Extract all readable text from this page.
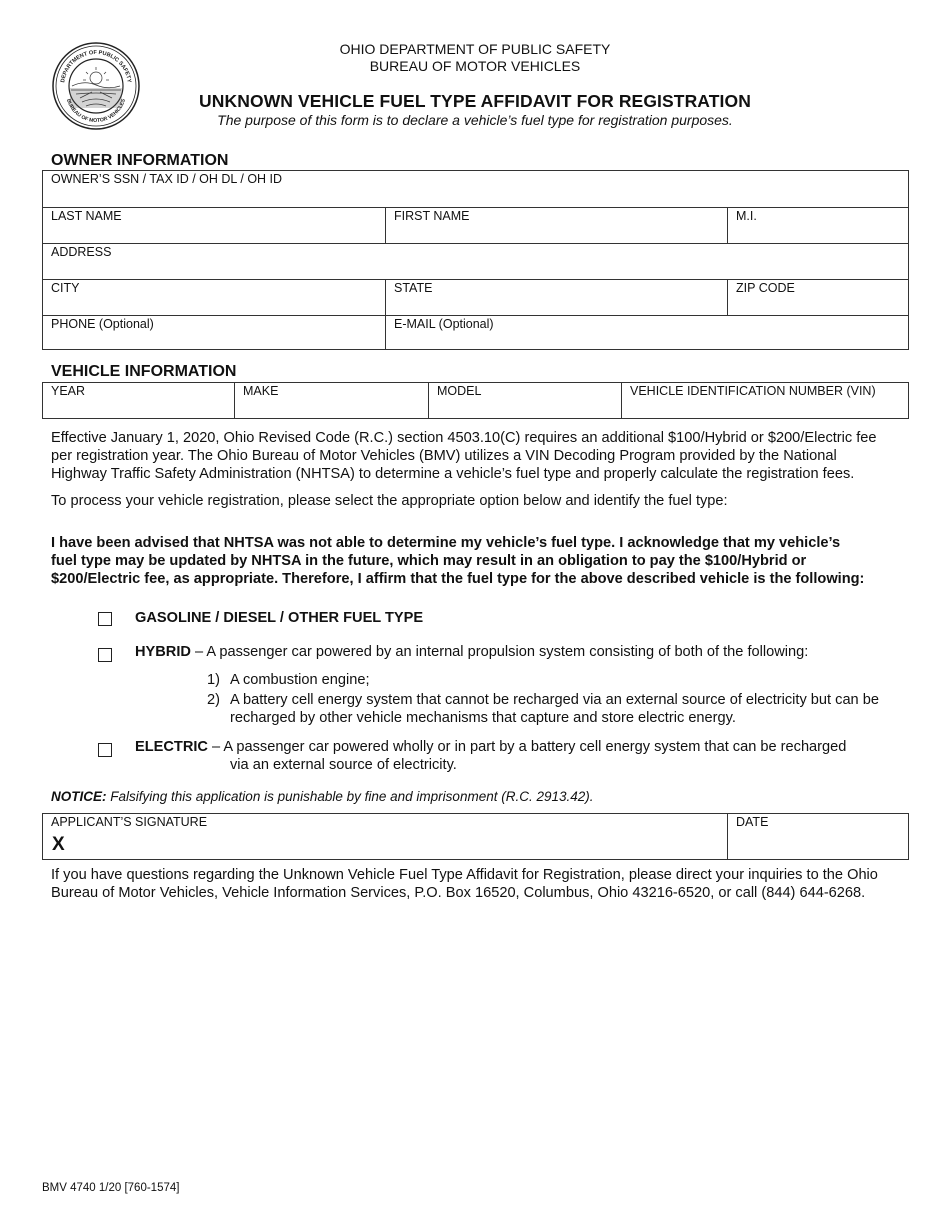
DEPARTMENT OF PUBLIC SAFETY
BUREAU OF MOTOR VEHICLES
OHIO DEPARTMENT OF PUBLIC SAFETY
BUREAU OF MOTOR VEHICLES
UNKNOWN VEHICLE FUEL TYPE AFFIDAVIT FOR REGISTRATION
The purpose of this form is to declare a vehicle’s fuel type for registration purposes.
OWNER INFORMATION
OWNER’S SSN / TAX ID / OH DL / OH ID
LAST NAME	FIRST NAME	M.I.
ADDRESS
CITY	STATE	ZIP CODE
PHONE (Optional)	E-MAIL (Optional)
VEHICLE INFORMATION
YEAR	MAKE	MODEL	VEHICLE IDENTIFICATION NUMBER (VIN)
Effective January 1, 2020, Ohio Revised Code (R.C.) section 4503.10(C) requires an additional $100/Hybrid or $200/Electric fee
per registration year. The Ohio Bureau of Motor Vehicles (BMV) utilizes a VIN Decoding Program provided by the National
Highway Traffic Safety Administration (NHTSA) to determine a vehicle’s fuel type and properly calculate the registration fees.
To process your vehicle registration, please select the appropriate option below and identify the fuel type:
I have been advised that NHTSA was not able to determine my vehicle’s fuel type. I acknowledge that my vehicle’s
fuel type may be updated by NHTSA in the future, which may result in an obligation to pay the $100/Hybrid or
$200/Electric fee, as appropriate. Therefore, I affirm that the fuel type for the above described vehicle is the following:
GASOLINE / DIESEL / OTHER FUEL TYPE
HYBRID – A passenger car powered by an internal propulsion system consisting of both of the following:
1) A combustion engine;
2) A battery cell energy system that cannot be recharged via an external source of electricity but can be
recharged by other vehicle mechanisms that capture and store electric energy.
ELECTRIC – A passenger car powered wholly or in part by a battery cell energy system that can be recharged
via an external source of electricity.
NOTICE: Falsifying this application is punishable by fine and imprisonment (R.C. 2913.42).
APPLICANT’S SIGNATURE
X
DATE
If you have questions regarding the Unknown Vehicle Fuel Type Affidavit for Registration, please direct your inquiries to the Ohio
Bureau of Motor Vehicles, Vehicle Information Services, P.O. Box 16520, Columbus, Ohio 43216-6520, or call (844) 644-6268.
BMV 4740 1/20 [760-1574]
